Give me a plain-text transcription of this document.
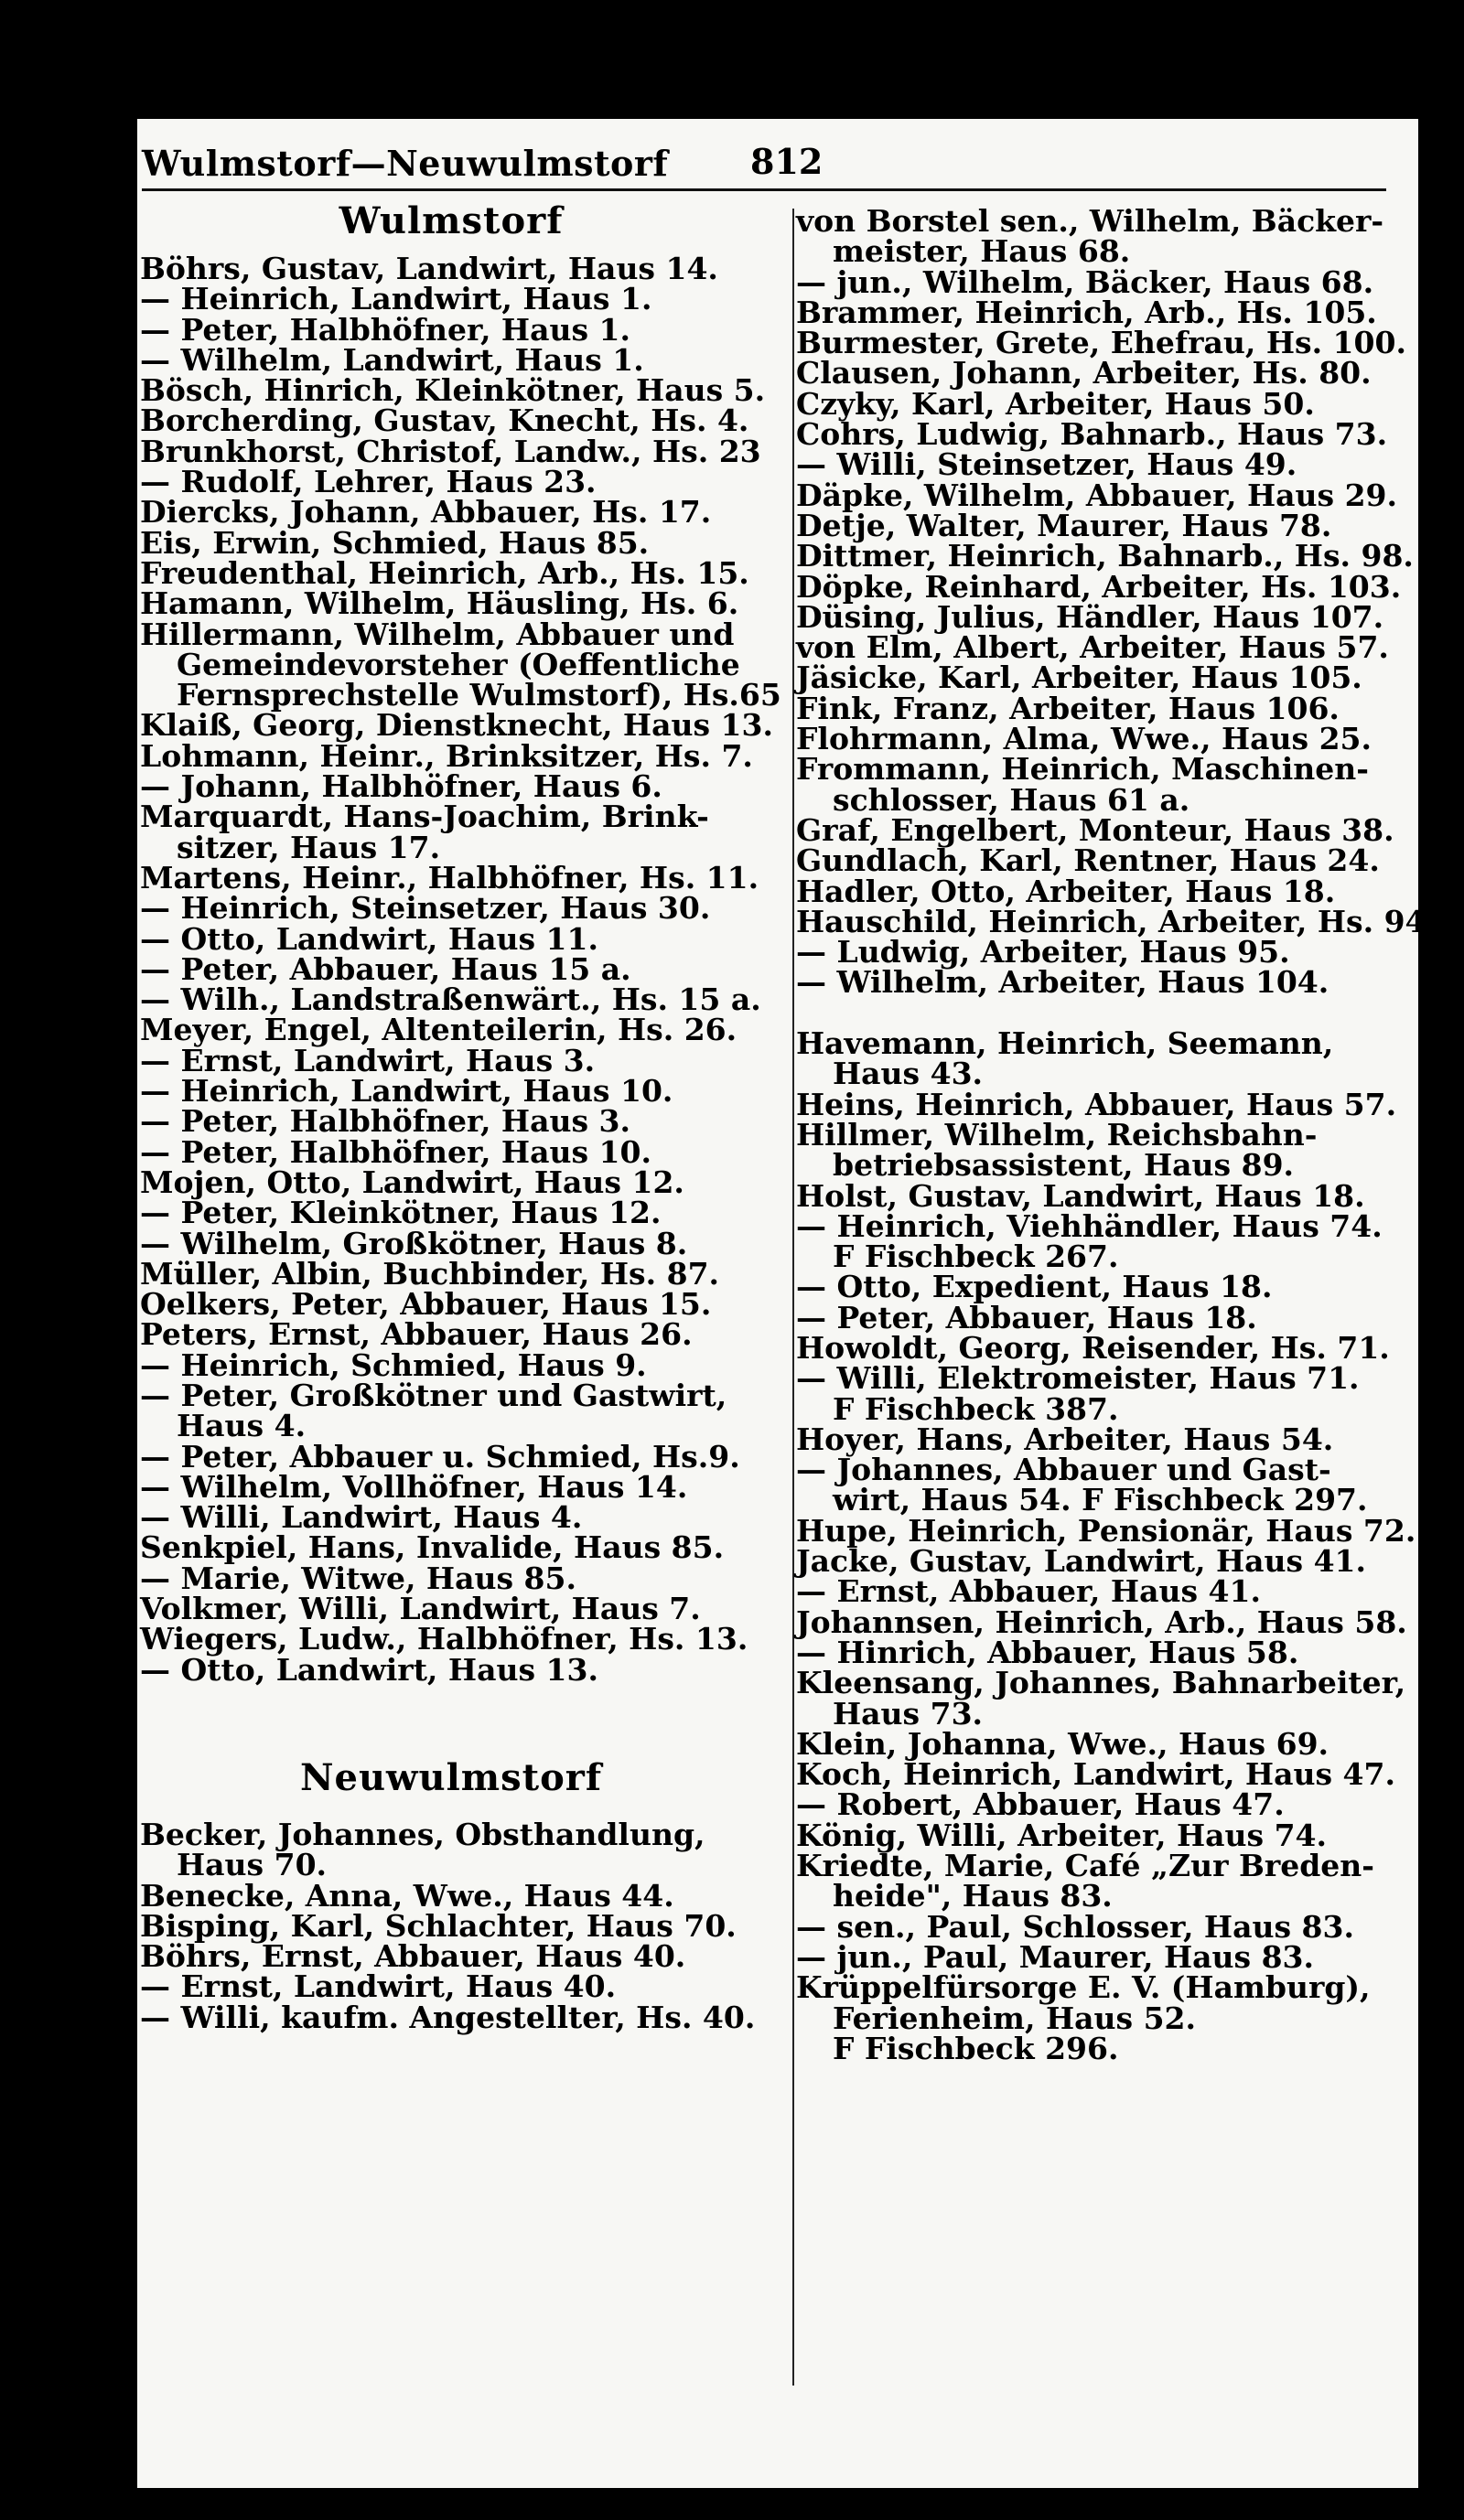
Wulmstorf—Neuwulmstorf 812
Wulmstorf
Böhrs, Gustav, Landwirt, Haus 14.
— Heinrich, Landwirt, Haus 1.
— Peter, Halbhöfner, Haus 1.
— Wilhelm, Landwirt, Haus 1.
Bösch, Hinrich, Kleinkötner, Haus 5.
Borcherding, Gustav, Knecht, Hs. 4.
Brunkhorst, Christof, Landw., Hs. 23
— Rudolf, Lehrer, Haus 23.
Diercks, Johann, Abbauer, Hs. 17.
Eis, Erwin, Schmied, Haus 85.
Freudenthal, Heinrich, Arb., Hs. 15.
Hamann, Wilhelm, Häusling, Hs. 6.
Hillermann, Wilhelm, Abbauer und
Gemeindevorsteher (Oeffentliche
Fernsprechstelle Wulmstorf), Hs.65
Klaiß, Georg, Dienstknecht, Haus 13.
Lohmann, Heinr., Brinksitzer, Hs. 7.
— Johann, Halbhöfner, Haus 6.
Marquardt, Hans-Joachim, Brink-
sitzer, Haus 17.
Martens, Heinr., Halbhöfner, Hs. 11.
— Heinrich, Steinsetzer, Haus 30.
— Otto, Landwirt, Haus 11.
— Peter, Abbauer, Haus 15 a.
— Wilh., Landstraßenwärt., Hs. 15 a.
Meyer, Engel, Altenteilerin, Hs. 26.
— Ernst, Landwirt, Haus 3.
— Heinrich, Landwirt, Haus 10.
— Peter, Halbhöfner, Haus 3.
— Peter, Halbhöfner, Haus 10.
Mojen, Otto, Landwirt, Haus 12.
— Peter, Kleinkötner, Haus 12.
— Wilhelm, Großkötner, Haus 8.
Müller, Albin, Buchbinder, Hs. 87.
Oelkers, Peter, Abbauer, Haus 15.
Peters, Ernst, Abbauer, Haus 26.
— Heinrich, Schmied, Haus 9.
— Peter, Großkötner und Gastwirt,
Haus 4.
— Peter, Abbauer u. Schmied, Hs.9.
— Wilhelm, Vollhöfner, Haus 14.
— Willi, Landwirt, Haus 4.
Senkpiel, Hans, Invalide, Haus 85.
— Marie, Witwe, Haus 85.
Volkmer, Willi, Landwirt, Haus 7.
Wiegers, Ludw., Halbhöfner, Hs. 13.
— Otto, Landwirt, Haus 13.
Neuwulmstorf
Becker, Johannes, Obsthandlung,
Haus 70.
Benecke, Anna, Wwe., Haus 44.
Bisping, Karl, Schlachter, Haus 70.
Böhrs, Ernst, Abbauer, Haus 40.
— Ernst, Landwirt, Haus 40.
— Willi, kaufm. Angestellter, Hs. 40.
von Borstel sen., Wilhelm, Bäcker-
meister, Haus 68.
— jun., Wilhelm, Bäcker, Haus 68.
Brammer, Heinrich, Arb., Hs. 105.
Burmester, Grete, Ehefrau, Hs. 100.
Clausen, Johann, Arbeiter, Hs. 80.
Czyky, Karl, Arbeiter, Haus 50.
Cohrs, Ludwig, Bahnarb., Haus 73.
— Willi, Steinsetzer, Haus 49.
Däpke, Wilhelm, Abbauer, Haus 29.
Detje, Walter, Maurer, Haus 78.
Dittmer, Heinrich, Bahnarb., Hs. 98.
Döpke, Reinhard, Arbeiter, Hs. 103.
Düsing, Julius, Händler, Haus 107.
von Elm, Albert, Arbeiter, Haus 57.
Jäsicke, Karl, Arbeiter, Haus 105.
Fink, Franz, Arbeiter, Haus 106.
Flohrmann, Alma, Wwe., Haus 25.
Frommann, Heinrich, Maschinen-
schlosser, Haus 61 a.
Graf, Engelbert, Monteur, Haus 38.
Gundlach, Karl, Rentner, Haus 24.
Hadler, Otto, Arbeiter, Haus 18.
Hauschild, Heinrich, Arbeiter, Hs. 94.
— Ludwig, Arbeiter, Haus 95.
— Wilhelm, Arbeiter, Haus 104.
Havemann, Heinrich, Seemann,
Haus 43.
Heins, Heinrich, Abbauer, Haus 57.
Hillmer, Wilhelm, Reichsbahn-
betriebsassistent, Haus 89.
Holst, Gustav, Landwirt, Haus 18.
— Heinrich, Viehhändler, Haus 74.
F Fischbeck 267.
— Otto, Expedient, Haus 18.
— Peter, Abbauer, Haus 18.
Howoldt, Georg, Reisender, Hs. 71.
— Willi, Elektromeister, Haus 71.
F Fischbeck 387.
Hoyer, Hans, Arbeiter, Haus 54.
— Johannes, Abbauer und Gast-
wirt, Haus 54. F Fischbeck 297.
Hupe, Heinrich, Pensionär, Haus 72.
Jacke, Gustav, Landwirt, Haus 41.
— Ernst, Abbauer, Haus 41.
Johannsen, Heinrich, Arb., Haus 58.
— Hinrich, Abbauer, Haus 58.
Kleensang, Johannes, Bahnarbeiter,
Haus 73.
Klein, Johanna, Wwe., Haus 69.
Koch, Heinrich, Landwirt, Haus 47.
— Robert, Abbauer, Haus 47.
König, Willi, Arbeiter, Haus 74.
Kriedte, Marie, Café „Zur Breden-
heide", Haus 83.
— sen., Paul, Schlosser, Haus 83.
— jun., Paul, Maurer, Haus 83.
Krüppelfürsorge E. V. (Hamburg),
Ferienheim, Haus 52.
F Fischbeck 296.
